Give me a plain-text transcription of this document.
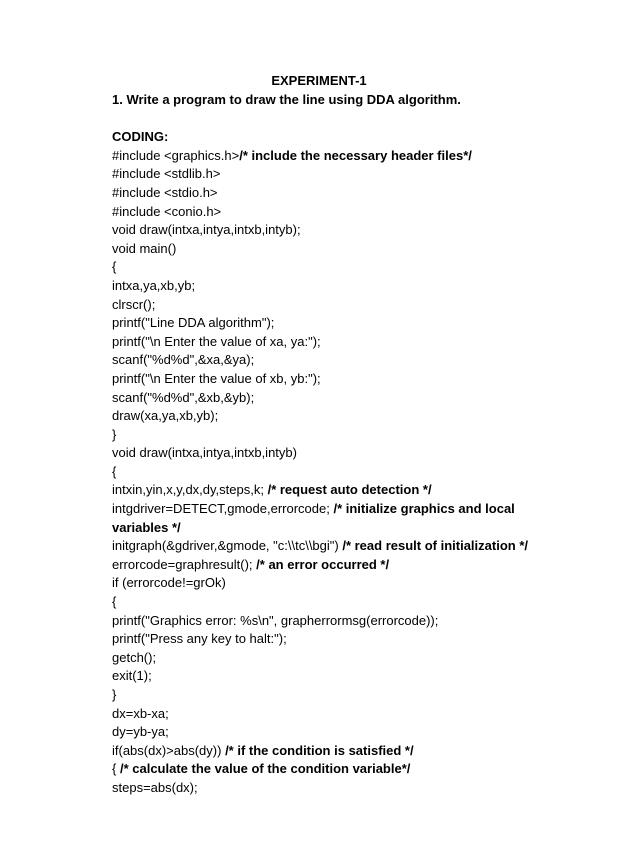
EXPERIMENT-1
1. Write a program to draw the line using DDA algorithm.
CODING:
#include <graphics.h>/* include the necessary header files*/
#include <stdlib.h>
#include <stdio.h>
#include <conio.h>
void draw(intxa,intya,intxb,intyb);
void main()
{
intxa,ya,xb,yb;
clrscr();
printf("Line DDA algorithm");
printf("\n Enter the value of xa, ya:");
scanf("%d%d",&xa,&ya);
printf("\n Enter the value of xb, yb:");
scanf("%d%d",&xb,&yb);
draw(xa,ya,xb,yb);
}
void draw(intxa,intya,intxb,intyb)
{
intxin,yin,x,y,dx,dy,steps,k; /* request auto detection */
intgdriver=DETECT,gmode,errorcode; /* initialize graphics and local
variables */
initgraph(&gdriver,&gmode, "c:\\tc\\bgi") /* read result of initialization */
errorcode=graphresult(); /* an error occurred */
if (errorcode!=grOk)
{
printf("Graphics error: %s\n", grapherrormsg(errorcode));
printf("Press any key to halt:");
getch();
exit(1);
}
dx=xb-xa;
dy=yb-ya;
if(abs(dx)>abs(dy)) /* if the condition is satisfied */
{ /* calculate the value of the condition variable*/
steps=abs(dx);
